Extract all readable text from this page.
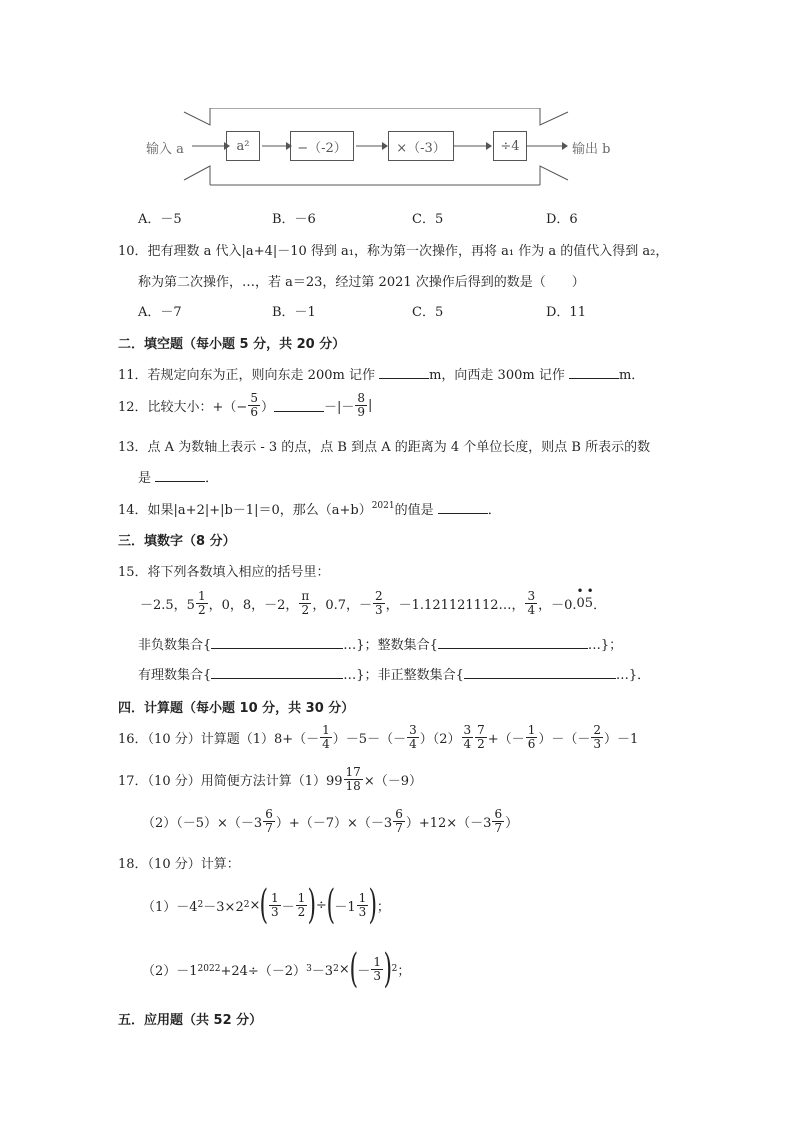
输入 a	a²	−（-2）	×（-3）	÷4	输出 b
A．－5	B．－6	C．5	D．6
10．把有理数 a 代入|a+4|－10 得到 a₁，称为第一次操作，再将 a₁ 作为 a 的值代入得到 a₂，
称为第二次操作，…，若 a＝23，经过第 2021 次操作后得到的数是（　　）
A．－7	B．－1	C．5	D．11
二．填空题（每小题 5 分，共 20 分）
11．若规定向东为正，则向东走 200m 记作	m，向西走 300m 记作	m．
12．比较大小：+（− $\frac{5}{6}$ ）	－|－ $\frac{8}{9}$ |
13．点 A 为数轴上表示 - 3 的点，点 B 到点 A 的距离为 4 个单位长度，则点 B 所表示的数
是	．
14．如果|a+2|+|b－1|＝0，那么$(a+b)^{2021}$的值是	．
三．填数字（8 分）
15．将下列各数填入相应的括号里：
－2.5，$5 \frac{1}{2}$ ，0，8，－2， $\frac{\pi}{2}$ ，0.7，－ $\frac{2}{3}$ ，－1.121121112…， $\frac{3}{4}$ ，－0.
••
05 ．
非负数集合{	…}；整数集合{	…}；
有理数集合{	…}；非正整数集合{	…}．
四．计算题（每小题 10 分，共 30 分）
16．（10 分）计算题$(1)8+(- \frac{1}{4} )-5-(- \frac{3}{4} )(2) \frac{3}{4} \frac{7}{2}$ +（－ $\frac{1}{6}$ ）－（－ $\frac{2}{3} )-1$
17．（10 分）用简便方法计算$(1)99 \frac{17}{18} \times(-9)$
$(2)(-5)\times(-3 \frac{6}{7} )+(-7)\times(-3 \frac{6}{7} )+12\times(-3 \frac{6}{7}$ ）
18．（10 分）计算：
（1）－4 2 －3×2 2 × ( $\frac{1}{3} - \frac{1}{2}$ ) ÷ ( $-1 \frac{1}{3}$ ) ；
（2）－1 2022 +24÷（－2） 3 －3 2 × ( － $\frac{1}{3}$ ) 2 ；
五．应用题（共 52 分）
